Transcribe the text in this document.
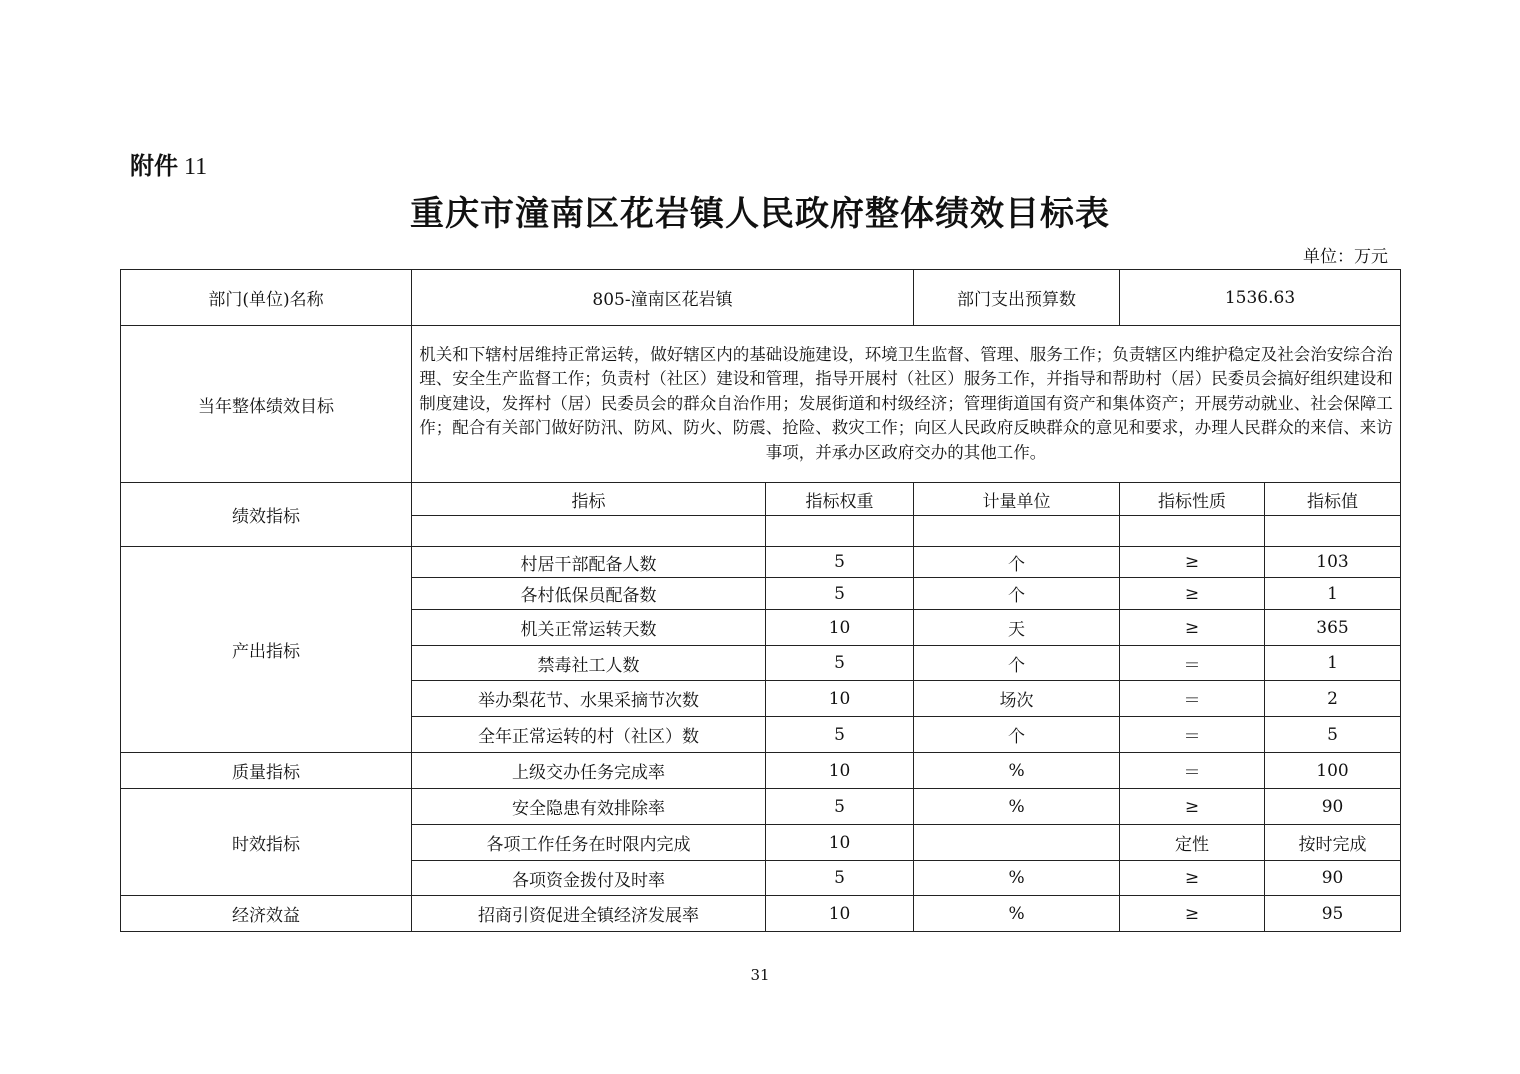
附件 11
重庆市潼南区花岩镇人民政府整体绩效目标表
单位：万元
部门(单位)名称	805-潼南区花岩镇		部门支出预算数	1536.63	
当年整体绩效目标	机关和下辖村居维持正常运转，做好辖区内的基础设施建设，环境卫生监督、管理、服务工作；负责辖区内维护稳定及社会治安综合治理、安全生产监督工作；负责村（社区）建设和管理，指导开展村（社区）服务工作，并指导和帮助村（居）民委员会搞好组织建设和制度建设，发挥村（居）民委员会的群众自治作用；发展街道和村级经济；管理街道国有资产和集体资产；开展劳动就业、社会保障工作；配合有关部门做好防汛、防风、防火、防震、抢险、救灾工作；向区人民政府反映群众的意见和要求，办理人民群众的来信、来访事项，并承办区政府交办的其他工作。				
绩效指标	指标	指标权重	计量单位	指标性质	指标值

产出指标	村居干部配备人数	5	个	≥	103
	各村低保员配备数	5	个	≥	1
	机关正常运转天数	10	天	≥	365
	禁毒社工人数	5	个	＝	1
	举办梨花节、水果采摘节次数	10	场次	＝	2
	全年正常运转的村（社区）数	5	个	＝	5
质量指标	上级交办任务完成率	10	%	＝	100
时效指标	安全隐患有效排除率	5	%	≥	90
	各项工作任务在时限内完成	10		定性	按时完成
	各项资金拨付及时率	5	%	≥	90
经济效益	招商引资促进全镇经济发展率	10	%	≥	95
31
